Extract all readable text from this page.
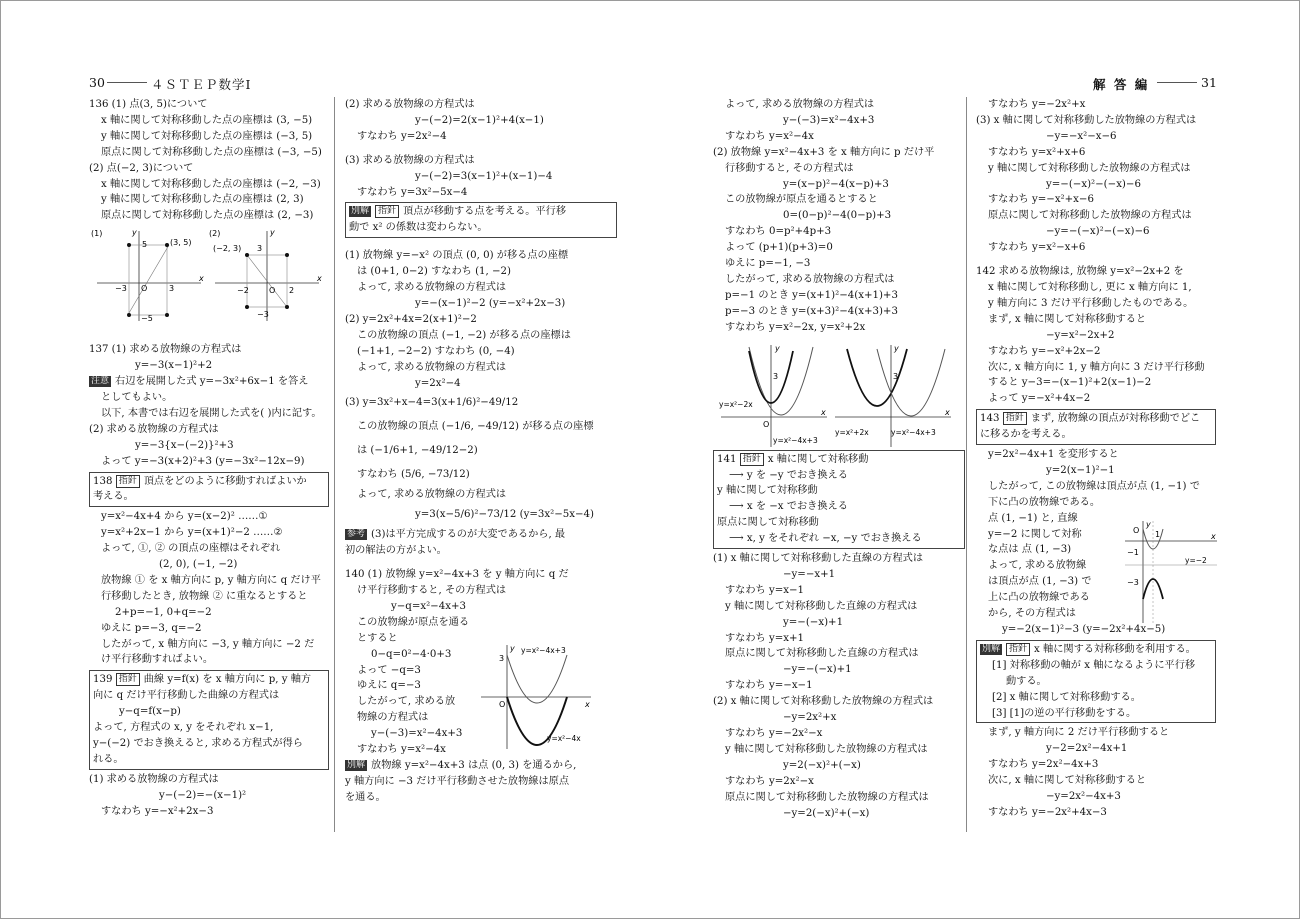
30	４ＳＴＥＰ数学Ⅰ	解 答 編	31

136 (1) 点(3, 5)について

x 軸に関して対称移動した点の座標は (3, −5)

y 軸に関して対称移動した点の座標は (−3, 5)

原点に関して対称移動した点の座標は (−3, −5)

(2) 点(−2, 3)について

x 軸に関して対称移動した点の座標は (−2, −3)

y 軸に関して対称移動した点の座標は (2, 3)

原点に関して対称移動した点の座標は (2, −3)

137 (1) 求める放物線の方程式は

y=−3(x−1)²+2

注意 右辺を展開した式 y=−3x²+6x−1 を答え

としてもよい。

以下, 本書では右辺を展開した式を( )内に記す。

(2) 求める放物線の方程式は

y=−3{x−(−2)}²+3

よって y=−3(x+2)²+3 (y=−3x²−12x−9)

138 指針 頂点をどのように移動すればよいか

考える。

y=x²−4x+4 から y=(x−2)² ……①

y=x²+2x−1 から y=(x+1)²−2 ……②

よって, ①, ② の頂点の座標はそれぞれ

(2, 0), (−1, −2)

放物線 ① を x 軸方向に p, y 軸方向に q だけ平

行移動したとき, 放物線 ② に重なるとすると

2+p=−1, 0+q=−2

ゆえに p=−3, q=−2

したがって, x 軸方向に −3, y 軸方向に −2 だ

け平行移動すればよい。

139 指針 曲線 y=f(x) を x 軸方向に p, y 軸方

向に q だけ平行移動した曲線の方程式は

y−q=f(x−p)

よって, 方程式の x, y をそれぞれ x−1,

y−(−2) でおき換えると, 求める方程式が得ら

れる。

(1) 求める放物線の方程式は

y−(−2)=−(x−1)²

すなわち y=−x²+2x−3

(1)
5	(3, 5)
−3 O	3
x
y
−5
(2)
(−2, 3) 3
y
−2	O 2
x
−3

(2) 求める放物線の方程式は

y−(−2)=2(x−1)²+4(x−1)

すなわち y=2x²−4

(3) 求める放物線の方程式は

y−(−2)=3(x−1)²+(x−1)−4

すなわち y=3x²−5x−4

別解 指針 頂点が移動する点を考える。平行移

動で x² の係数は変わらない。

(1) 放物線 y=−x² の頂点 (0, 0) が移る点の座標

は (0+1, 0−2) すなわち (1, −2)

よって, 求める放物線の方程式は

y=−(x−1)²−2 (y=−x²+2x−3)

(2) y=2x²+4x=2(x+1)²−2

この放物線の頂点 (−1, −2) が移る点の座標は

(−1+1, −2−2) すなわち (0, −4)

よって, 求める放物線の方程式は

y=2x²−4

(3) y=3x²+x−4=3(x+1/6)²−49/12

この放物線の頂点 (−1/6, −49/12) が移る点の座標

は (−1/6+1, −49/12−2)

すなわち (5/6, −73/12)

よって, 求める放物線の方程式は

y=3(x−5/6)²−73/12 (y=3x²−5x−4)

参考 (3)は平方完成するのが大変であるから, 最

初の解法の方がよい。

140 (1) 放物線 y=x²−4x+3 を y 軸方向に q だ

け平行移動すると, その方程式は

y−q=x²−4x+3

この放物線が原点を通る

とすると

0−q=0²−4·0+3

よって −q=3

ゆえに q=−3

したがって, 求める放

物線の方程式は

y−(−3)=x²−4x+3

すなわち y=x²−4x

別解 放物線 y=x²−4x+3 は点 (0, 3) を通るから,

y 軸方向に −3 だけ平行移動させた放物線は原点

を通る。

y y=x²−4x+3
3
O	x
y=x²−4x

よって, 求める放物線の方程式は

y−(−3)=x²−4x+3

すなわち y=x²−4x

(2) 放物線 y=x²−4x+3 を x 軸方向に p だけ平

行移動すると, その方程式は

y=(x−p)²−4(x−p)+3

この放物線が原点を通るとすると

0=(0−p)²−4(0−p)+3

すなわち 0=p²+4p+3

よって (p+1)(p+3)=0

ゆえに p=−1, −3

したがって, 求める放物線の方程式は

p=−1 のとき y=(x+1)²−4(x+1)+3

p=−3 のとき y=(x+3)²−4(x+3)+3

すなわち y=x²−2x, y=x²+2x

141 指針 x 軸に関して対称移動

⟶ y を −y でおき換える

y 軸に関して対称移動

⟶ x を −x でおき換える

原点に関して対称移動

⟶ x, y をそれぞれ −x, −y でおき換える

(1) x 軸に関して対称移動した直線の方程式は

−y=−x+1

すなわち y=x−1

y 軸に関して対称移動した直線の方程式は

y=−(−x)+1

すなわち y=x+1

原点に関して対称移動した直線の方程式は

−y=−(−x)+1

すなわち y=−x−1

(2) x 軸に関して対称移動した放物線の方程式は

−y=2x²+x

すなわち y=−2x²−x

y 軸に関して対称移動した放物線の方程式は

y=2(−x)²+(−x)

すなわち y=2x²−x

原点に関して対称移動した放物線の方程式は

−y=2(−x)²+(−x)

y
3
y=x²−2x
O
x
y=x²−4x+3
y
3
x
y=x²+2x	y=x²−4x+3

すなわち y=−2x²+x

(3) x 軸に関して対称移動した放物線の方程式は

−y=−x²−x−6

すなわち y=x²+x+6

y 軸に関して対称移動した放物線の方程式は

y=−(−x)²−(−x)−6

すなわち y=−x²+x−6

原点に関して対称移動した放物線の方程式は

−y=−(−x)²−(−x)−6

すなわち y=x²−x+6

142 求める放物線は, 放物線 y=x²−2x+2 を

x 軸に関して対称移動し, 更に x 軸方向に 1,

y 軸方向に 3 だけ平行移動したものである。

まず, x 軸に関して対称移動すると

−y=x²−2x+2

すなわち y=−x²+2x−2

次に, x 軸方向に 1, y 軸方向に 3 だけ平行移動

すると y−3=−(x−1)²+2(x−1)−2

よって y=−x²+4x−2

143 指針 まず, 放物線の頂点が対称移動でどこ

に移るかを考える。

y=2x²−4x+1 を変形すると

y=2(x−1)²−1

したがって, この放物線は頂点が点 (1, −1) で

下に凸の放物線である。

点 (1, −1) と, 直線

y=−2 に関して対称

な点は 点 (1, −3)

よって, 求める放物線

は頂点が点 (1, −3) で

上に凸の放物線である

から, その方程式は

y=−2(x−1)²−3 (y=−2x²+4x−5)

別解 指針 x 軸に関する対称移動を利用する。

[1] 対称移動の軸が x 軸になるように平行移

動する。

[2] x 軸に関して対称移動する。

[3] [1]の逆の平行移動をする。

まず, y 軸方向に 2 だけ平行移動すると

y−2=2x²−4x+1

すなわち y=2x²−4x+3

次に, x 軸に関して対称移動すると

−y=2x²−4x+3

すなわち y=−2x²+4x−3

O
y
1	x
−1
y=−2
−3
